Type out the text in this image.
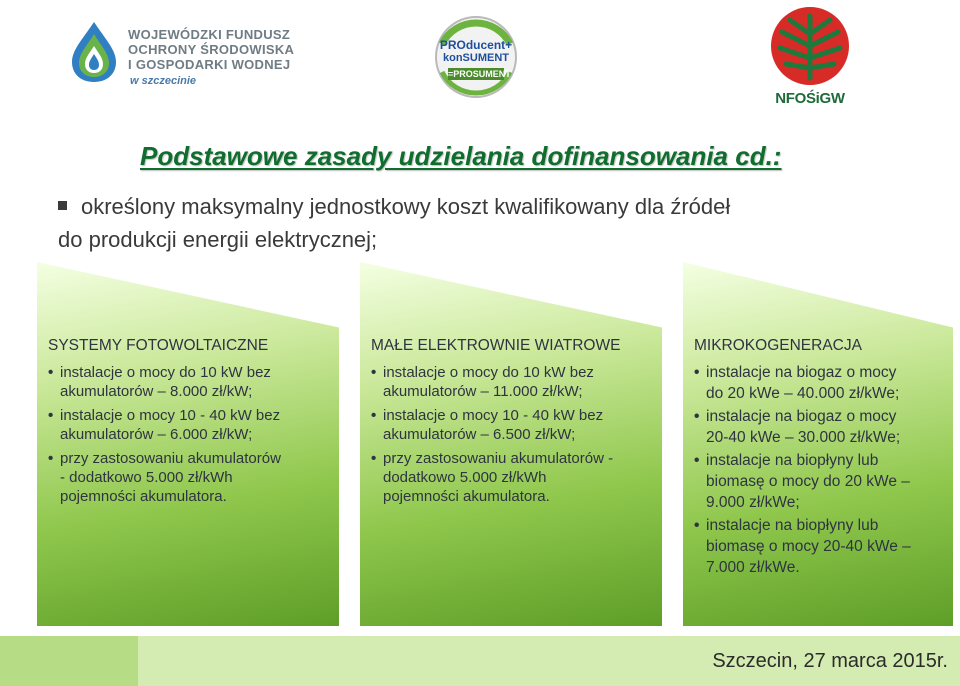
WOJEWÓDZKI FUNDUSZ
OCHRONY ŚRODOWISKA
I GOSPODARKI WODNEJ
w szczecinie
PROducent+
konSUMENT
=PROSUMENT
NFOŚiGW
Podstawowe zasady udzielania dofinansowania cd.:
określony maksymalny jednostkowy koszt kwalifikowany dla źródeł
do produkcji energii elektrycznej;
SYSTEMY FOTOWOLTAICZNE
• instalacje o mocy do 10 kW bez
akumulatorów – 8.000 zł/kW;
• instalacje o mocy 10 - 40 kW bez
akumulatorów – 6.000 zł/kW;
• przy zastosowaniu akumulatorów
- dodatkowo 5.000 zł/kWh
pojemności akumulatora.
MAŁE ELEKTROWNIE WIATROWE
• instalacje o mocy do 10 kW bez
akumulatorów – 11.000 zł/kW;
• instalacje o mocy 10 - 40 kW bez
akumulatorów – 6.500 zł/kW;
• przy zastosowaniu akumulatorów -
dodatkowo 5.000 zł/kWh
pojemności akumulatora.
MIKROKOGENERACJA
• instalacje na biogaz o mocy
do 20 kWe – 40.000 zł/kWe;
• instalacje na biogaz o mocy
20-40 kWe – 30.000 zł/kWe;
• instalacje na biopłyny lub
biomasę o mocy do 20 kWe –
9.000 zł/kWe;
• instalacje na biopłyny lub
biomasę o mocy 20-40 kWe –
7.000 zł/kWe.
Szczecin, 27 marca 2015r.
